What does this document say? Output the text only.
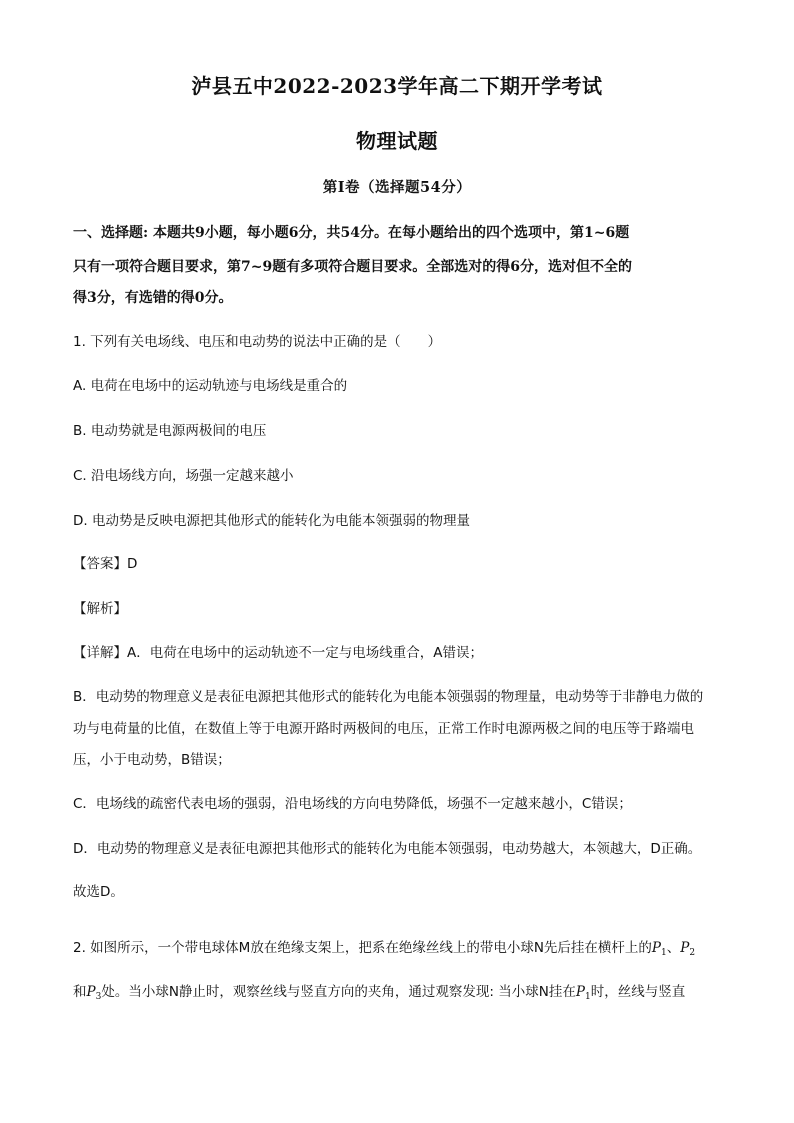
泸县五中2022-2023学年高二下期开学考试
物理试题
第I卷（选择题54分）
一、选择题: 本题共9小题，每小题6分，共54分。在每小题给出的四个选项中，第1~6题
只有一项符合题目要求，第7~9题有多项符合题目要求。全部选对的得6分，选对但不全的
得3分，有选错的得0分。
1. 下列有关电场线、电压和电动势的说法中正确的是（　　）
A. 电荷在电场中的运动轨迹与电场线是重合的
B. 电动势就是电源两极间的电压
C. 沿电场线方向，场强一定越来越小
D. 电动势是反映电源把其他形式的能转化为电能本领强弱的物理量
【答案】D
【解析】
【详解】A．电荷在电场中的运动轨迹不一定与电场线重合，A错误；
B．电动势的物理意义是表征电源把其他形式的能转化为电能本领强弱的物理量，电动势等于非静电力做的
功与电荷量的比值，在数值上等于电源开路时两极间的电压，正常工作时电源两极之间的电压等于路端电
压，小于电动势，B错误；
C．电场线的疏密代表电场的强弱，沿电场线的方向电势降低，场强不一定越来越小，C错误；
D．电动势的物理意义是表征电源把其他形式的能转化为电能本领强弱，电动势越大，本领越大，D正确。
故选D。
2. 如图所示，一个带电球体M放在绝缘支架上，把系在绝缘丝线上的带电小球N先后挂在横杆上的$P_1$、$P_2$
和$P_3$处。当小球N静止时，观察丝线与竖直方向的夹角，通过观察发现: 当小球N挂在$P_1$时，丝线与竖直
